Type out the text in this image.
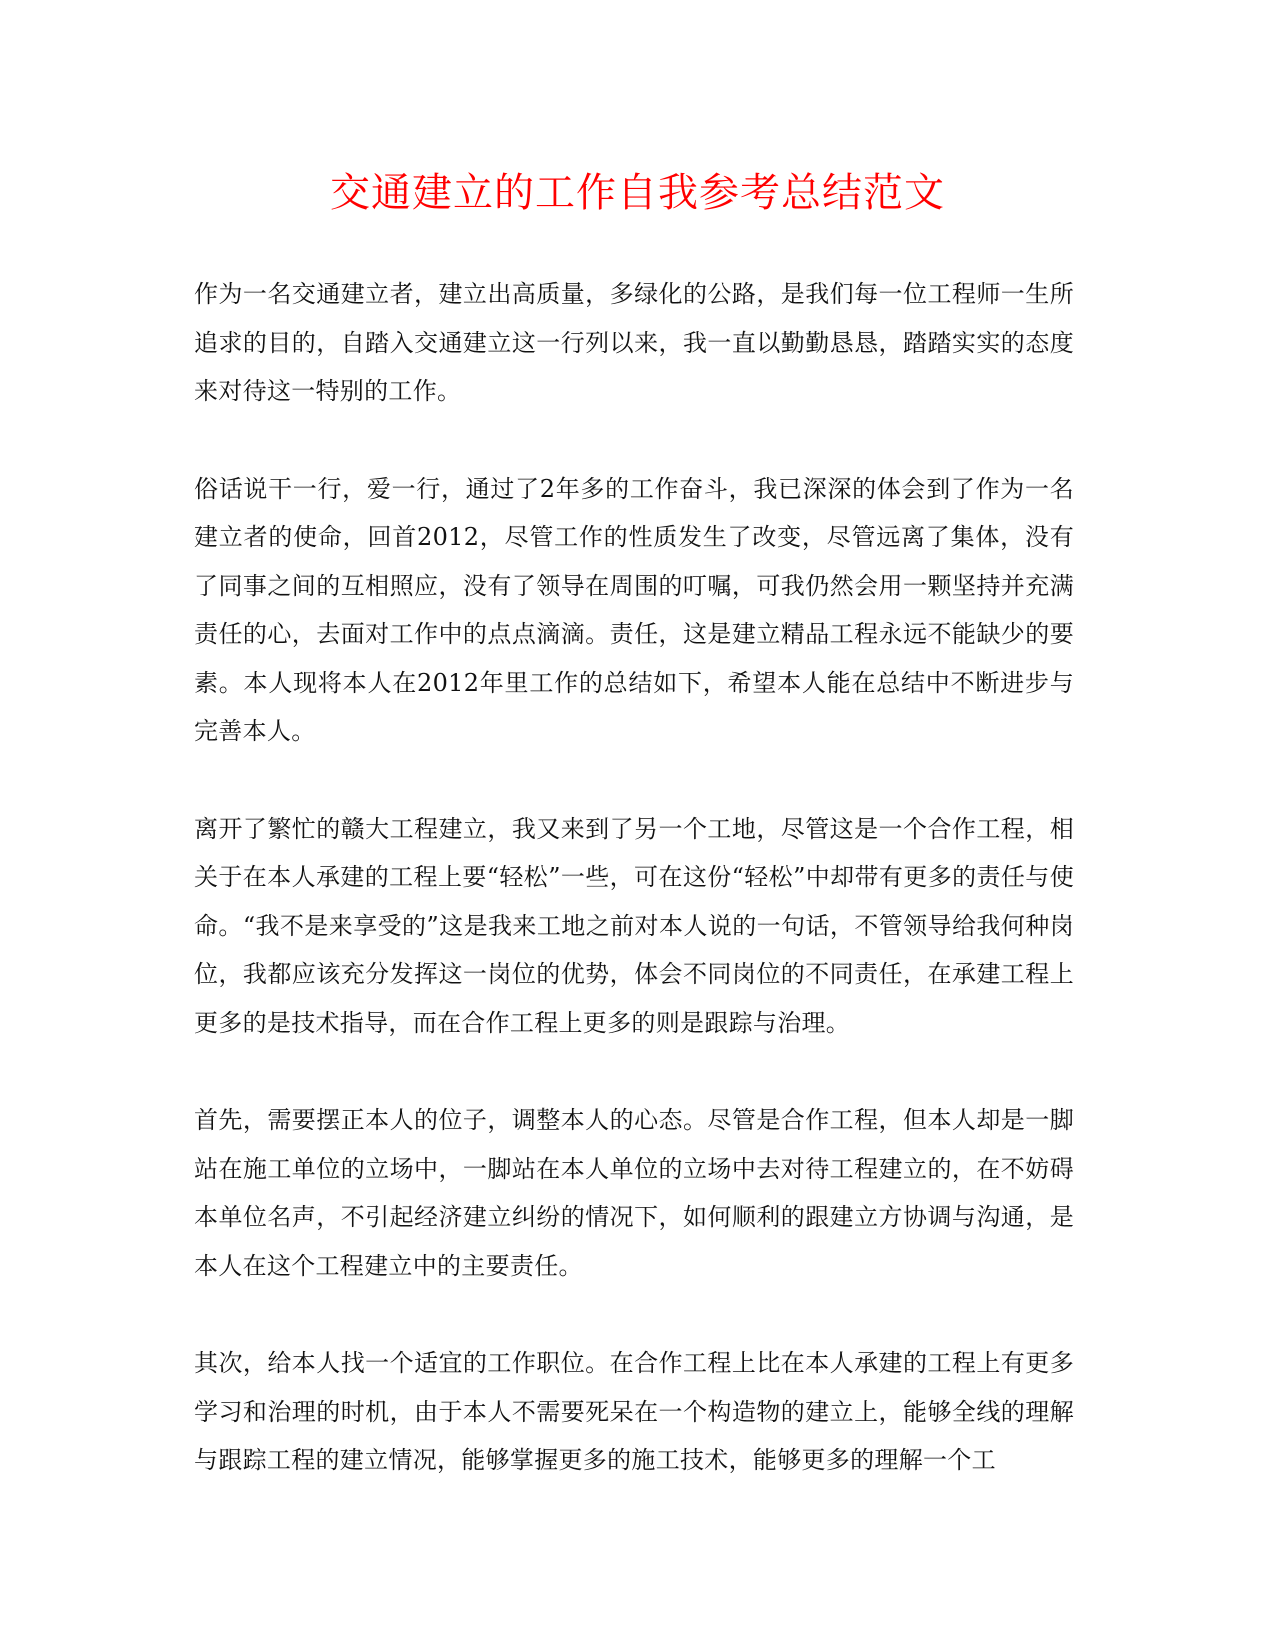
交通建立的工作自我参考总结范文

作为一名交通建立者，建立出高质量，多绿化的公路，是我们每一位工程师一生所追求的目的，自踏入交通建立这一行列以来，我一直以勤勤恳恳，踏踏实实的态度来对待这一特别的工作。

俗话说干一行，爱一行，通过了2年多的工作奋斗，我已深深的体会到了作为一名建立者的使命，回首2012，尽管工作的性质发生了改变，尽管远离了集体，没有了同事之间的互相照应，没有了领导在周围的叮嘱，可我仍然会用一颗坚持并充满责任的心，去面对工作中的点点滴滴。责任，这是建立精品工程永远不能缺少的要素。本人现将本人在2012年里工作的总结如下，希望本人能在总结中不断进步与完善本人。

离开了繁忙的赣大工程建立，我又来到了另一个工地，尽管这是一个合作工程，相关于在本人承建的工程上要“轻松”一些，可在这份“轻松”中却带有更多的责任与使命。“我不是来享受的”这是我来工地之前对本人说的一句话，不管领导给我何种岗位，我都应该充分发挥这一岗位的优势，体会不同岗位的不同责任，在承建工程上更多的是技术指导，而在合作工程上更多的则是跟踪与治理。

首先，需要摆正本人的位子，调整本人的心态。尽管是合作工程，但本人却是一脚站在施工单位的立场中，一脚站在本人单位的立场中去对待工程建立的，在不妨碍本单位名声，不引起经济建立纠纷的情况下，如何顺利的跟建立方协调与沟通，是本人在这个工程建立中的主要责任。

其次，给本人找一个适宜的工作职位。在合作工程上比在本人承建的工程上有更多学习和治理的时机，由于本人不需要死呆在一个构造物的建立上，能够全线的理解与跟踪工程的建立情况，能够掌握更多的施工技术，能够更多的理解一个工
